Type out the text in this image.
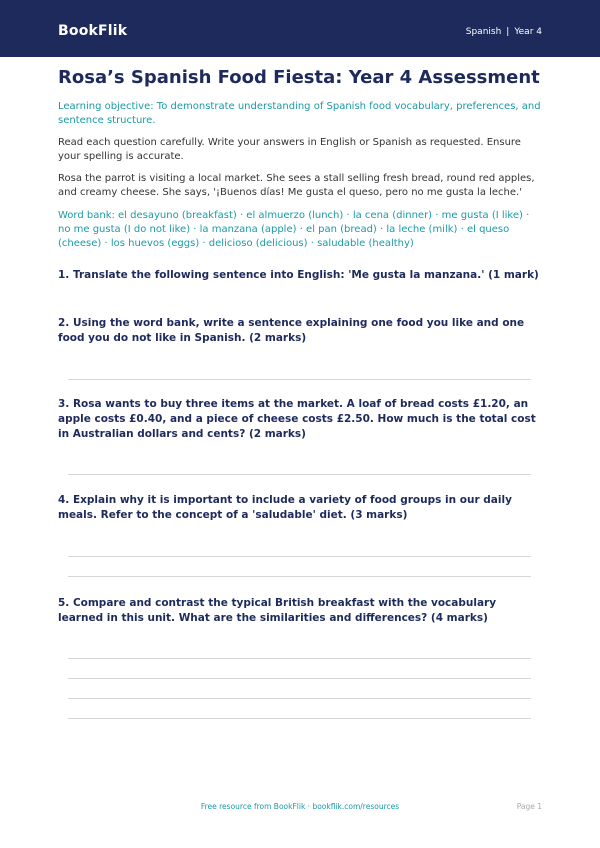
BookFlik	Spanish | Year 4
Rosa’s Spanish Food Fiesta: Year 4 Assessment

Learning objective: To demonstrate understanding of Spanish food vocabulary, preferences, and sentence structure.

Read each question carefully. Write your answers in English or Spanish as requested. Ensure your spelling is accurate.

Rosa the parrot is visiting a local market. She sees a stall selling fresh bread, round red apples, and creamy cheese. She says, '¡Buenos días! Me gusta el queso, pero no me gusta la leche.'

Word bank: el desayuno (breakfast) · el almuerzo (lunch) · la cena (dinner) · me gusta (I like) · no me gusta (I do not like) · la manzana (apple) · el pan (bread) · la leche (milk) · el queso (cheese) · los huevos (eggs) · delicioso (delicious) · saludable (healthy)

1. Translate the following sentence into English: 'Me gusta la manzana.' (1 mark)
2. Using the word bank, write a sentence explaining one food you like and one food you do not like in Spanish. (2 marks)
3. Rosa wants to buy three items at the market. A loaf of bread costs £1.20, an apple costs £0.40, and a piece of cheese costs £2.50. How much is the total cost in Australian dollars and cents? (2 marks)
4. Explain why it is important to include a variety of food groups in our daily meals. Refer to the concept of a 'saludable' diet. (3 marks)
5. Compare and contrast the typical British breakfast with the vocabulary learned in this unit. What are the similarities and differences? (4 marks)
Free resource from BookFlik · bookflik.com/resources	Page 1
